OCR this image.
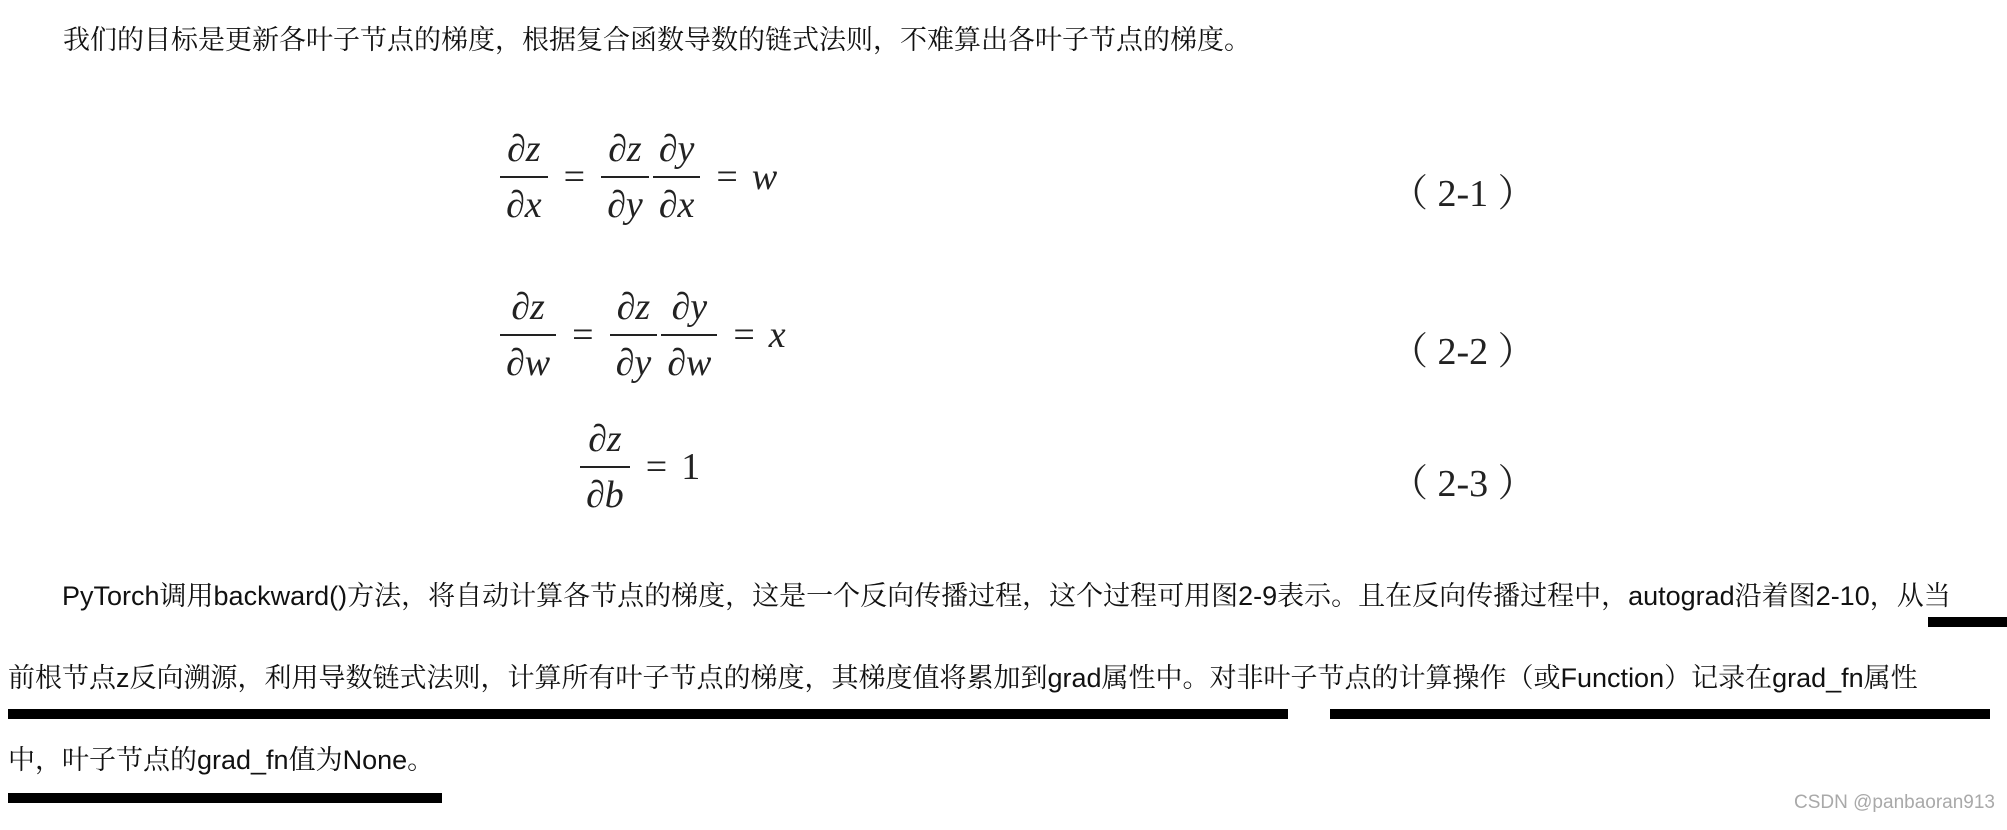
我们的目标是更新各叶子节点的梯度，根据复合函数导数的链式法则，不难算出各叶子节点的梯度。

$\frac{\partial z}{\partial x} = \frac{\partial z}{\partial y} \frac{\partial y}{\partial x} = w$	（ 2-1 ）
$\frac{\partial z}{\partial w} = \frac{\partial z}{\partial y} \frac{\partial y}{\partial w} = x$	（ 2-2 ）
$\frac{\partial z}{\partial b} = 1$	（ 2-3 ）

　　PyTorch调用backward()方法，将自动计算各节点的梯度，这是一个反向传播过程，这个过程可用图2-9表示。且在反向传播过程中，autograd沿着图2-10，从当

前根节点z反向溯源，利用导数链式法则，计算所有叶子节点的梯度，其梯度值将累加到grad属性中。对非叶子节点的计算操作（或Function）记录在grad_fn属性

中，叶子节点的grad_fn值为None。

CSDN @panbaoran913
